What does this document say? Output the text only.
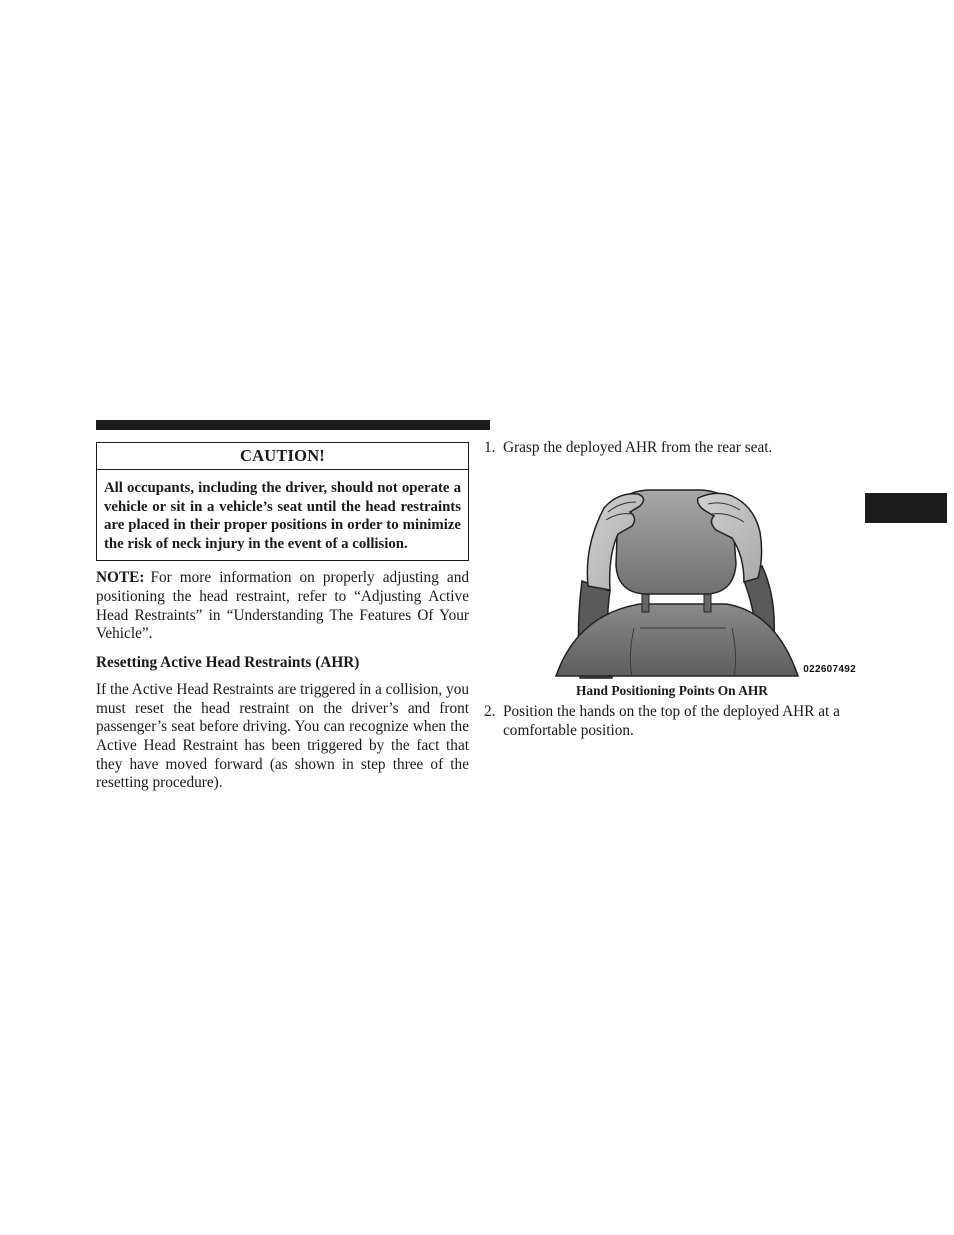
CAUTION!
All occupants, including the driver, should not operate a vehicle or sit in a vehicle’s seat until the head restraints are placed in their proper positions in order to minimize the risk of neck injury in the event of a collision.

NOTE: For more information on properly adjusting and positioning the head restraint, refer to “Adjusting Active Head Restraints” in “Understanding The Features Of Your Vehicle”.

Resetting Active Head Restraints (AHR)

If the Active Head Restraints are triggered in a collision, you must reset the head restraint on the driver’s and front passenger’s seat before driving. You can recognize when the Active Head Restraint has been triggered by the fact that they have moved forward (as shown in step three of the resetting procedure).

1. Grasp the deployed AHR from the rear seat.
022607492
Hand Positioning Points On AHR
2. Position the hands on the top of the deployed AHR at a comfortable position.
